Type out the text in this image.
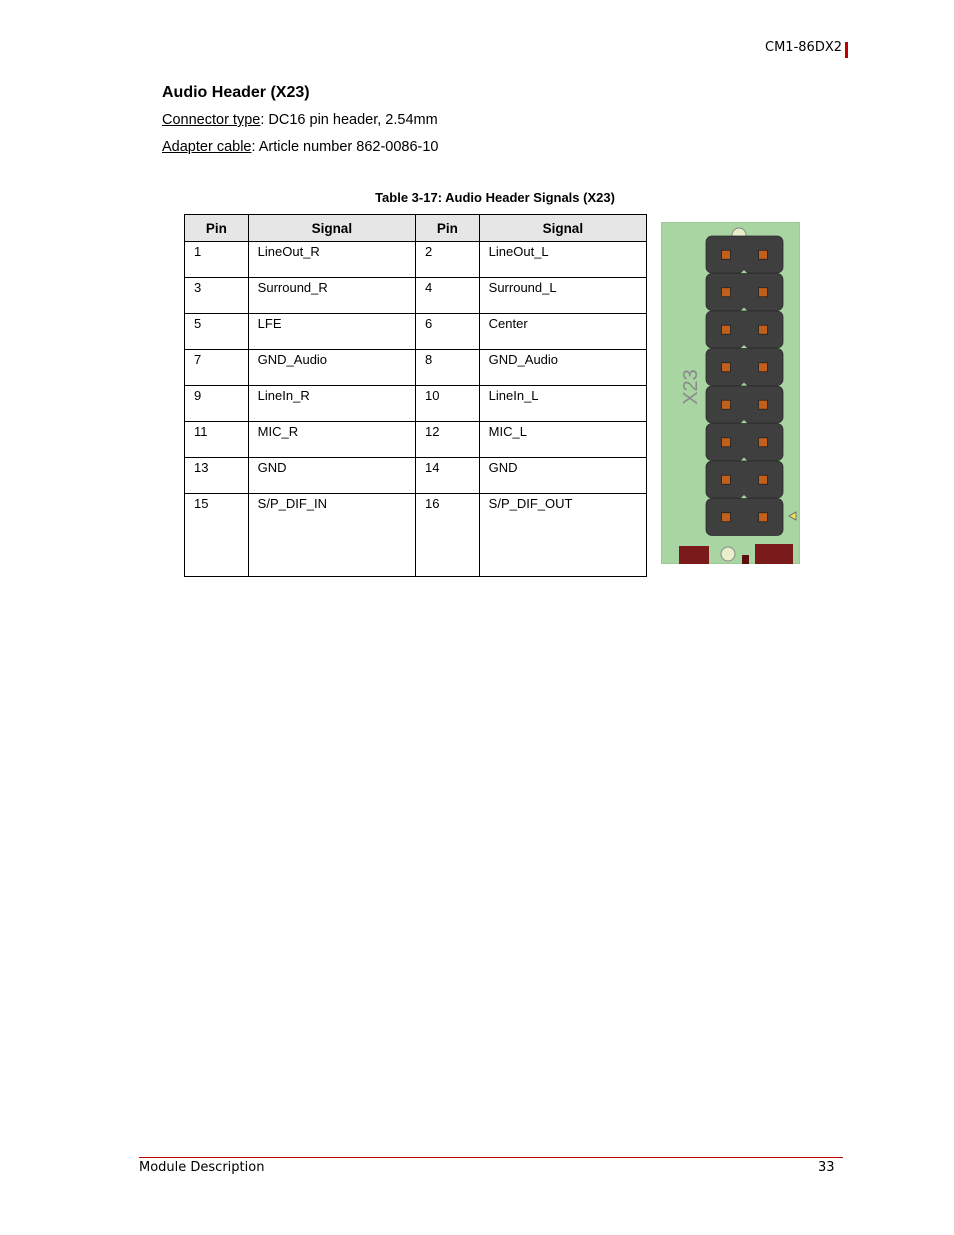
CM1-86DX2
Audio Header (X23)
Connector type: DC16 pin header, 2.54mm
Adapter cable: Article number 862-0086-10
Table 3-17: Audio Header Signals (X23)
Pin	Signal	Pin	Signal
1	LineOut_R	2	LineOut_L
3	Surround_R	4	Surround_L
5	LFE	6	Center
7	GND_Audio	8	GND_Audio
9	LineIn_R	10	LineIn_L
11	MIC_R	12	MIC_L
13	GND	14	GND
15	S/P_DIF_IN	16	S/P_DIF_OUT
X23
Module Description	33
